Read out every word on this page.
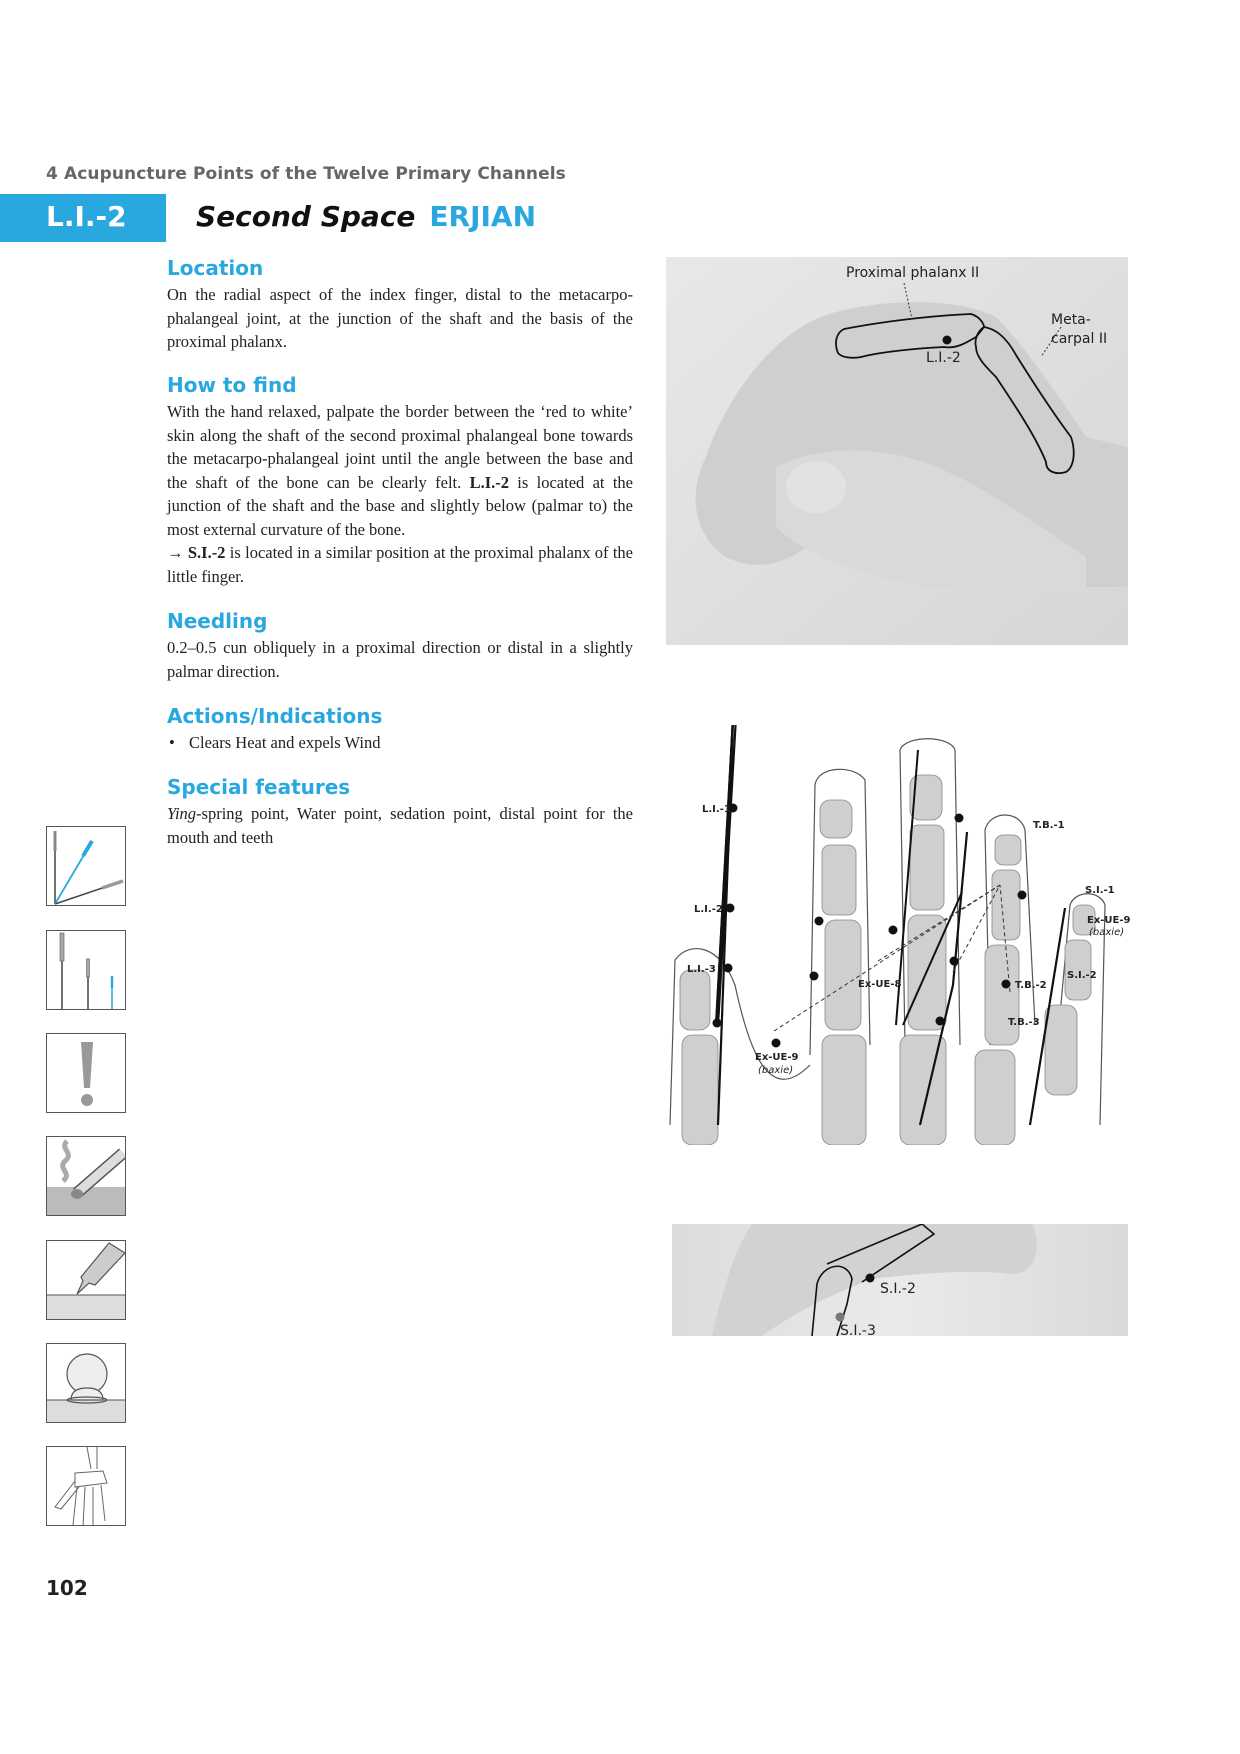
4 Acupuncture Points of the Twelve Primary Channels
L.I.-2 Second Space ERJIAN
Location

On the radial aspect of the index finger, distal to the metacarpo-phalangeal joint, at the junction of the shaft and the basis of the proximal phalanx.

How to find

With the hand relaxed, palpate the border between the ‘red to white’ skin along the shaft of the second proximal phalangeal bone towards the metacarpo-phalangeal joint until the angle between the base and the shaft of the bone can be clearly felt. L.I.-2 is located at the junction of the shaft and the base and slightly below (palmar to) the most external curvature of the bone.
→ S.I.-2 is located in a similar position at the proximal phalanx of the little finger.

Needling

0.2–0.5 cun obliquely in a proximal direction or distal in a slightly palmar direction.

Actions/Indications
• Clears Heat and expels Wind
Special features

Ying-spring point, Water point, sedation point, distal point for the mouth and teeth

Proximal phalanx II
Meta-
carpal II
L.I.-2
L.I.-1
L.I.-2
L.I.-3
T.B.-1
T.B.-2
T.B.-3
S.I.-1
S.I.-2
Ex-UE-8
Ex-UE-9
Ex-UE-9
(baxie)
(baxie)
S.I.-2
S.I.-3
102
